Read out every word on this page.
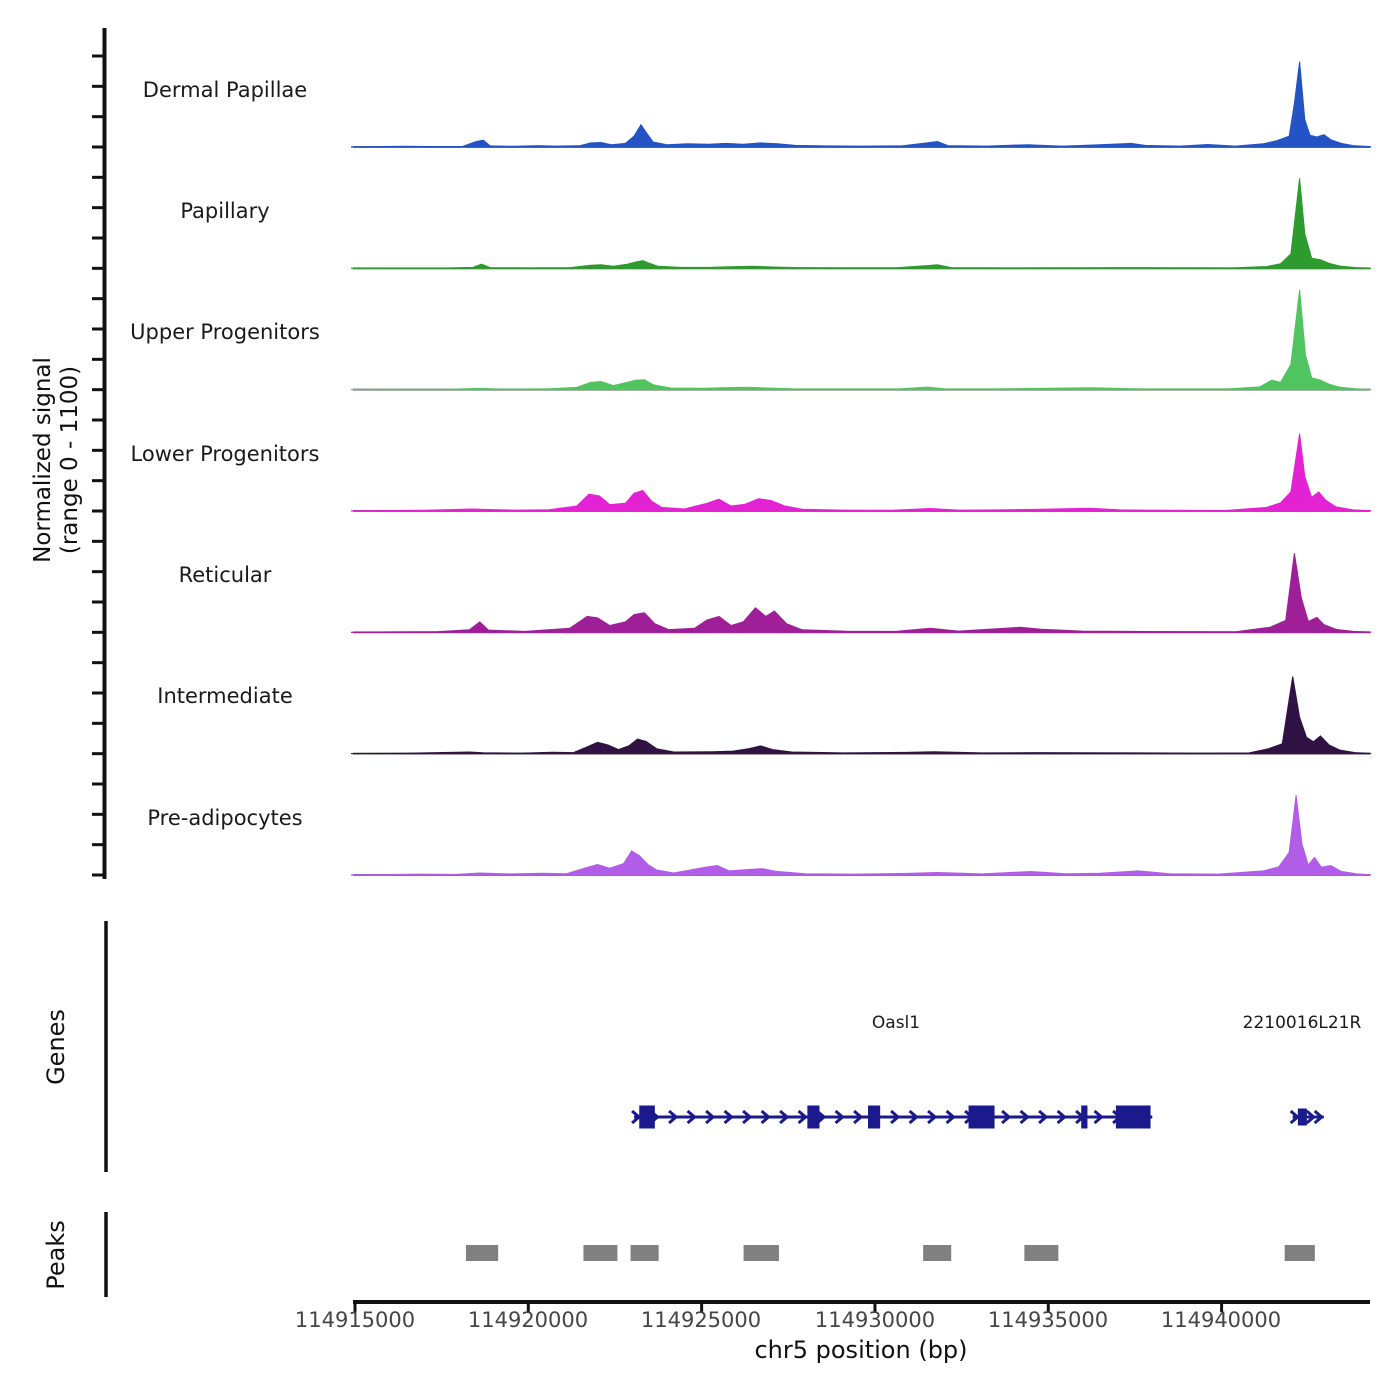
Normalized signal (range 0 - 1100)
Dermal Papillae
Papillary
Upper Progenitors
Lower Progenitors
Reticular
Intermediate
Pre-adipocytes
Genes
Peaks
Oasl1	2210016L21R
114915000	114920000	114925000	114930000	114935000	114940000
chr5 position (bp)
